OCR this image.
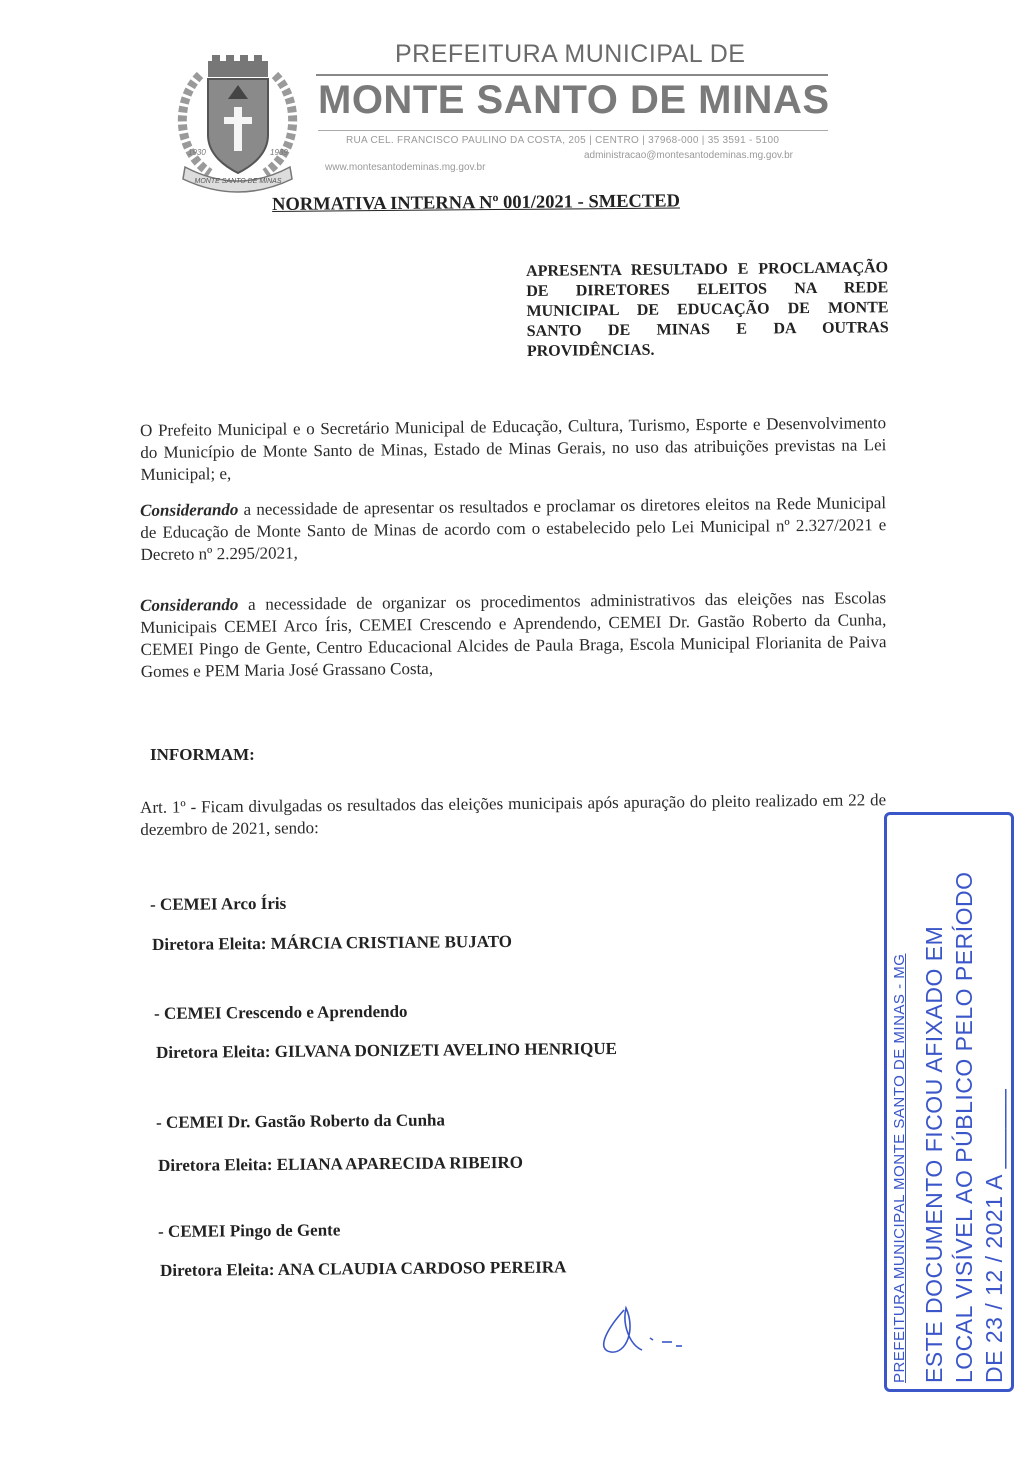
1930	1939
MONTE SANTO DE MINAS
PREFEITURA MUNICIPAL DE
MONTE SANTO DE MINAS
RUA CEL. FRANCISCO PAULINO DA COSTA, 205 | CENTRO | 37968-000 | 35 3591 - 5100
administracao@montesantodeminas.mg.gov.br
www.montesantodeminas.mg.gov.br
NORMATIVA INTERNA Nº 001/2021 - SMECTED
APRESENTA RESULTADO E PROCLAMAÇÃO DE DIRETORES ELEITOS NA REDE MUNICIPAL DE EDUCAÇÃO DE MONTE SANTO DE MINAS E DA OUTRAS PROVIDÊNCIAS.
O Prefeito Municipal e o Secretário Municipal de Educação, Cultura, Turismo, Esporte e Desenvolvimento do Município de Monte Santo de Minas, Estado de Minas Gerais, no uso das atribuições previstas na Lei Municipal; e,
Considerando a necessidade de apresentar os resultados e proclamar os diretores eleitos na Rede Municipal de Educação de Monte Santo de Minas de acordo com o estabelecido pelo Lei Municipal nº 2.327/2021 e Decreto nº 2.295/2021,
Considerando a necessidade de organizar os procedimentos administrativos das eleições nas Escolas Municipais CEMEI Arco Íris, CEMEI Crescendo e Aprendendo, CEMEI Dr. Gastão Roberto da Cunha, CEMEI Pingo de Gente, Centro Educacional Alcides de Paula Braga, Escola Municipal Florianita de Paiva Gomes e PEM Maria José Grassano Costa,
INFORMAM:
Art. 1º - Ficam divulgadas os resultados das eleições municipais após apuração do pleito realizado em 22 de dezembro de 2021, sendo:
- CEMEI Arco Íris
Diretora Eleita: MÁRCIA CRISTIANE BUJATO
- CEMEI Crescendo e Aprendendo
Diretora Eleita: GILVANA DONIZETI AVELINO HENRIQUE
- CEMEI Dr. Gastão Roberto da Cunha
Diretora Eleita: ELIANA APARECIDA RIBEIRO
- CEMEI Pingo de Gente
Diretora Eleita: ANA CLAUDIA CARDOSO PEREIRA	PREFEITURA MUNICIPAL MONTE SANTO DE MINAS - MG ESTE DOCUMENTO FICOU AFIXADO EM LOCAL VISÍVEL AO PÚBLICO PELO PERÍODO DE 23 / 12 / 2021 A ______
